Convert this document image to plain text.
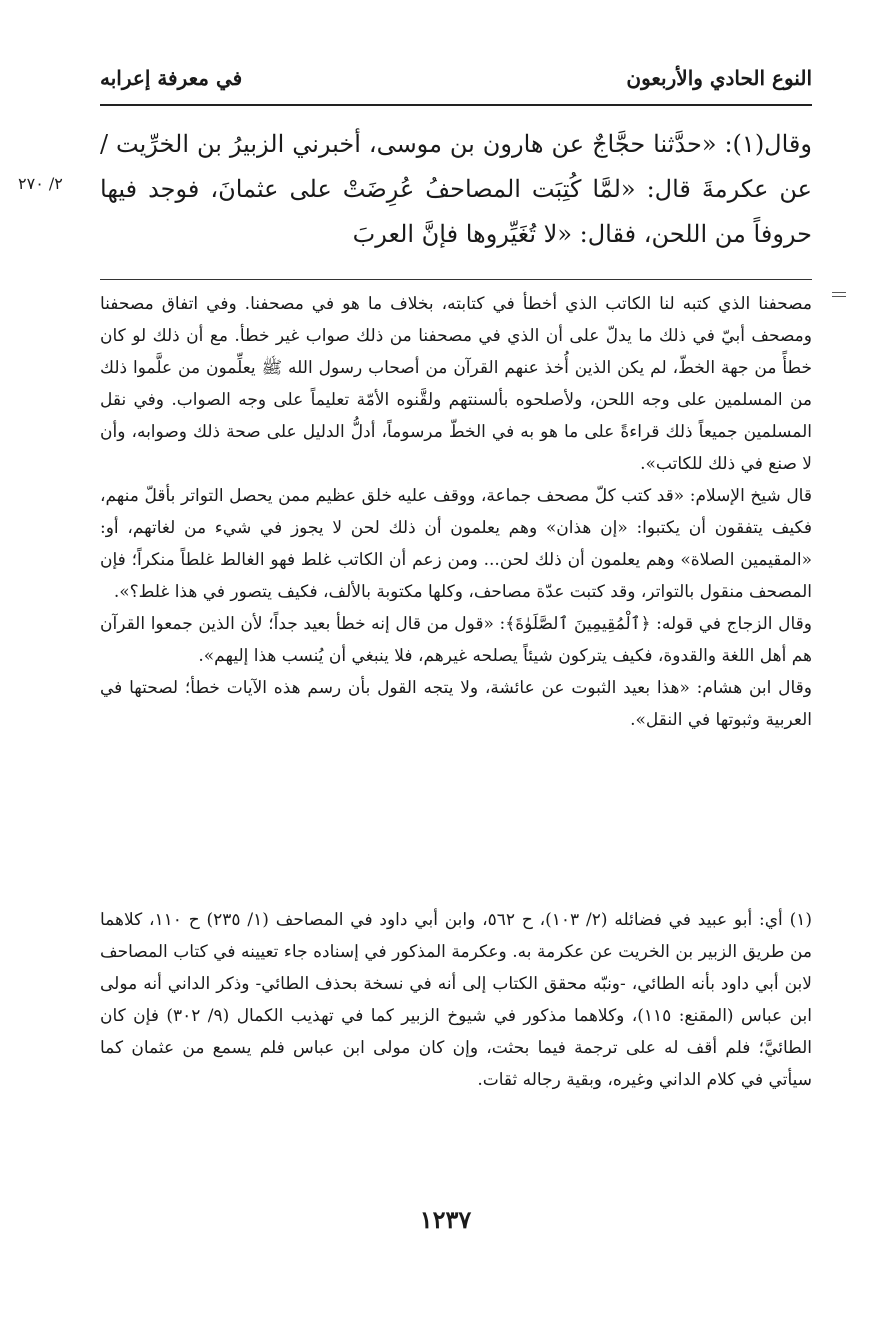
النوع الحادي والأربعون
في معرفة إعرابه

وقال(١): «حدَّثنا حجَّاجٌ عن هارون بن موسى، أخبرني الزبيرُ بن الخرِّيت / عن عكرمةَ قال: «لمَّا كُتِبَت المصاحفُ عُرِضَتْ على عثمانَ، فوجد فيها حروفاً من اللحن، فقال: «لا تُغَيِّروها فإنَّ العربَ

٢/ ٢٧٠

مصحفنا الذي كتبه لنا الكاتب الذي أخطأ في كتابته، بخلاف ما هو في مصحفنا. وفي اتفاق مصحفنا ومصحف أبيّ في ذلك ما يدلّ على أن الذي في مصحفنا من ذلك صواب غير خطأ. مع أن ذلك لو كان خطأً من جهة الخطّ، لم يكن الذين أُخذ عنهم القرآن من أصحاب رسول الله ﷺ يعلِّمون من علَّموا ذلك من المسلمين على وجه اللحن، ولأصلحوه بألسنتهم ولقَّنوه الأمّة تعليماً على وجه الصواب. وفي نقل المسلمين جميعاً ذلك قراءةً على ما هو به في الخطّ مرسوماً، أدلُّ الدليل على صحة ذلك وصوابه، وأن لا صنع في ذلك للكاتب».

قال شيخ الإسلام: «قد كتب كلّ مصحف جماعة، ووقف عليه خلق عظيم ممن يحصل التواتر بأقلّ منهم، فكيف يتفقون أن يكتبوا: «إن هذان» وهم يعلمون أن ذلك لحن لا يجوز في شيء من لغاتهم، أو: «المقيمين الصلاة» وهم يعلمون أن ذلك لحن... ومن زعم أن الكاتب غلط فهو الغالط غلطاً منكراً؛ فإن المصحف منقول بالتواتر، وقد كتبت عدّة مصاحف، وكلها مكتوبة بالألف، فكيف يتصور في هذا غلط؟».

وقال الزجاج في قوله: ﴿ٱلْمُقِيمِينَ ٱلصَّلَوٰةَ﴾: «قول من قال إنه خطأ بعيد جداً؛ لأن الذين جمعوا القرآن هم أهل اللغة والقدوة، فكيف يتركون شيئاً يصلحه غيرهم، فلا ينبغي أن يُنسب هذا إليهم».

وقال ابن هشام: «هذا بعيد الثبوت عن عائشة، ولا يتجه القول بأن رسم هذه الآيات خطأ؛ لصحتها في العربية وثبوتها في النقل».

(١) أي: أبو عبيد في فضائله (٢/ ١٠٣)، ح ٥٦٢، وابن أبي داود في المصاحف (١/ ٢٣٥) ح ١١٠، كلاهما من طريق الزبير بن الخريت عن عكرمة به. وعكرمة المذكور في إسناده جاء تعيينه في كتاب المصاحف لابن أبي داود بأنه الطائي، -ونبّه محقق الكتاب إلى أنه في نسخة بحذف الطائي- وذكر الداني أنه مولى ابن عباس (المقنع: ١١٥)، وكلاهما مذكور في شيوخ الزبير كما في تهذيب الكمال (٩/ ٣٠٢) فإن كان الطائيَّ؛ فلم أقف له على ترجمة فيما بحثت، وإن كان مولى ابن عباس فلم يسمع من عثمان كما سيأتي في كلام الداني وغيره، وبقية رجاله ثقات.

١٢٣٧
